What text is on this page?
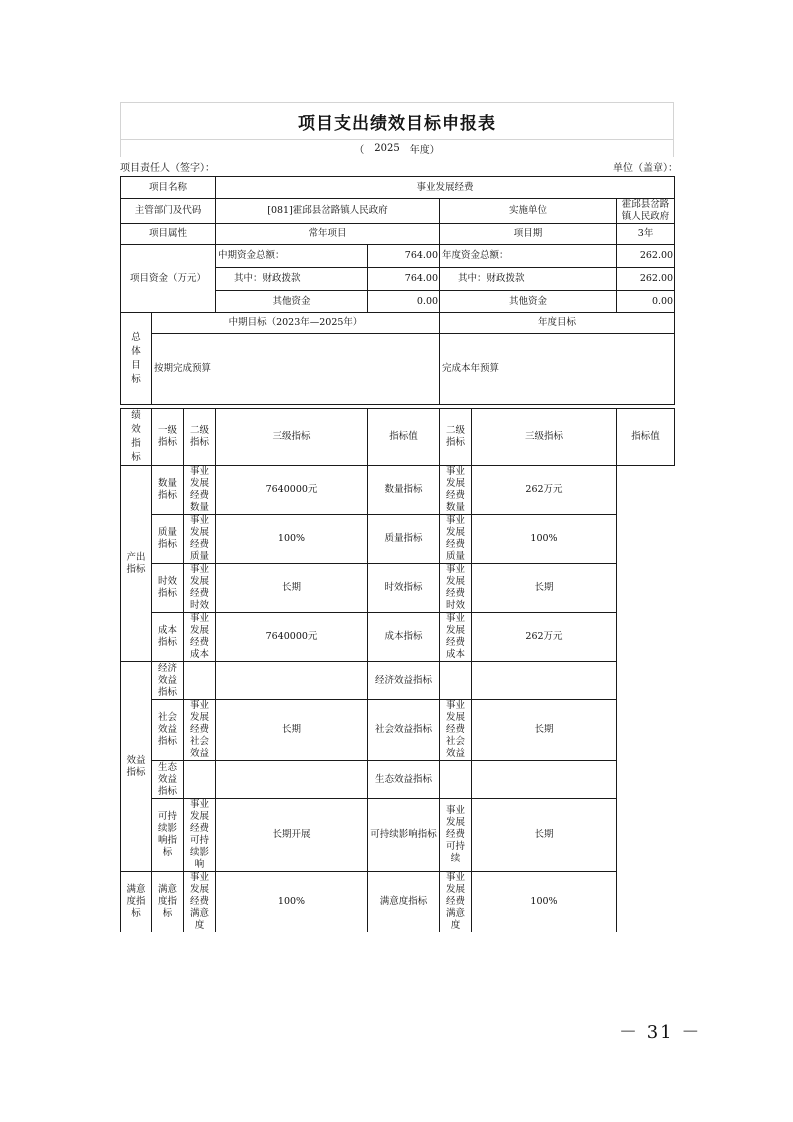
项目支出绩效目标申报表
（ 2025 年度）
项目责任人（签字）：	单位（盖章）：
项目名称		事业发展经费			
主管部门及代码		[081]霍邱县岔路镇人民政府		实施单位	霍邱县岔路镇人民政府
项目属性		常年项目		项目期	3年
项目资金（万元）		中期资金总额：	764.00	年度资金总额：	262.00
		其中：财政拨款	764.00	其中：财政拨款	262.00
		其他资金	0.00	其他资金	0.00
总体目标	中期目标（2023年—2025年）			年度目标	
	按期完成预算			完成本年预算	
绩效指标	一级指标	二级指标	三级指标	指标值	二级指标	三级指标	指标值
产出指标	数量指标	事业发展经费数量	7640000元	数量指标	事业发展经费数量	262万元	
	质量指标	事业发展经费质量	100%	质量指标	事业发展经费质量	100%	
	时效指标	事业发展经费时效	长期	时效指标	事业发展经费时效	长期	
	成本指标	事业发展经费成本	7640000元	成本指标	事业发展经费成本	262万元	
效益指标	经济效益指标			经济效益指标			
	社会效益指标	事业发展经费社会效益	长期	社会效益指标	事业发展经费社会效益	长期	
	生态效益指标			生态效益指标			
	可持续影响指标	事业发展经费可持续影响	长期开展	可持续影响指标	事业发展经费可持续	长期	
满意度指标	满意度指标	事业发展经费满意度	100%	满意度指标	事业发展经费满意度	100%	
－ 31 －
